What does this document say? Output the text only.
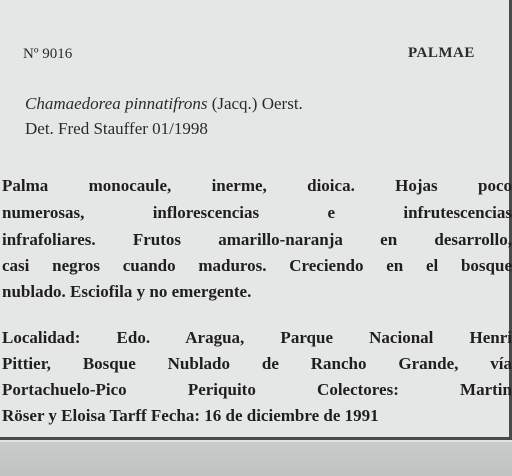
Nº 9016	PALMAE
Chamaedorea pinnatifrons (Jacq.) Oerst.
Det. Fred Stauffer 01/1998
Palma monocaule, inerme, dioica. Hojas poco
numerosas, inflorescencias e infrutescencias
infrafoliares. Frutos amarillo-naranja en desarrollo,
casi negros cuando maduros. Creciendo en el bosque
nublado. Esciofila y no emergente.
Localidad: Edo. Aragua, Parque Nacional Henri
Pittier, Bosque Nublado de Rancho Grande, vía
Portachuelo-Pico Periquito Colectores: Martin
Röser y Eloisa Tarff Fecha: 16 de diciembre de 1991
